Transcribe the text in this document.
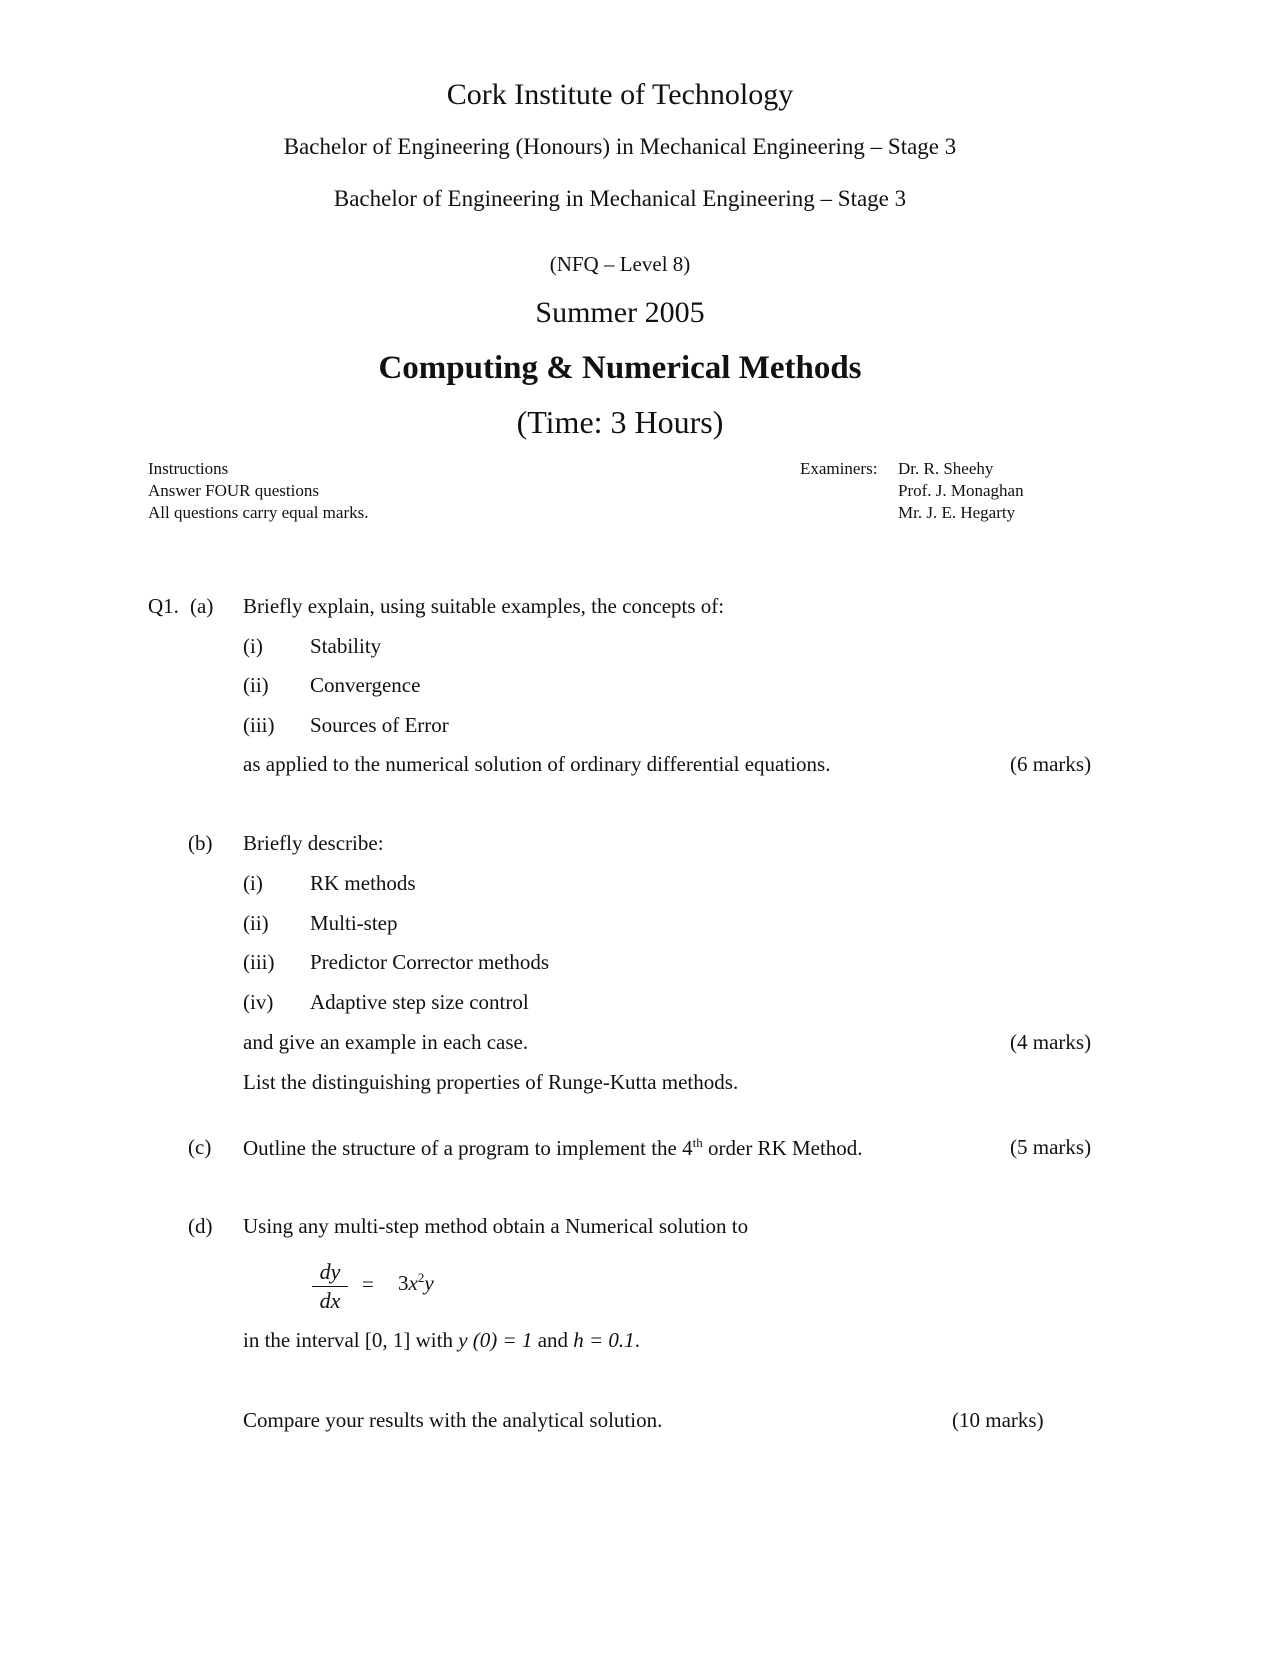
Cork Institute of Technology
Bachelor of Engineering (Honours) in Mechanical Engineering – Stage 3
Bachelor of Engineering in Mechanical Engineering – Stage 3
(NFQ – Level 8)
Summer 2005
Computing & Numerical Methods
(Time: 3 Hours)
Instructions
Answer FOUR questions
All questions carry equal marks.
Examiners: Dr. R. Sheehy
Prof. J. Monaghan
Mr. J. E. Hegarty
Q1. (a) Briefly explain, using suitable examples, the concepts of:
(i) Stability
(ii) Convergence
(iii) Sources of Error
as applied to the numerical solution of ordinary differential equations.	(6 marks)
(b) Briefly describe:
(i) RK methods
(ii) Multi-step
(iii) Predictor Corrector methods
(iv) Adaptive step size control
and give an example in each case.	(4 marks)
List the distinguishing properties of Runge-Kutta methods.
(c) Outline the structure of a program to implement the 4th order RK Method.	(5 marks)
(d) Using any multi-step method obtain a Numerical solution to
$\frac{dy}{dx} = 3x^2y$
in the interval [0, 1] with y (0) = 1 and h = 0.1.
Compare your results with the analytical solution.	(10 marks)
